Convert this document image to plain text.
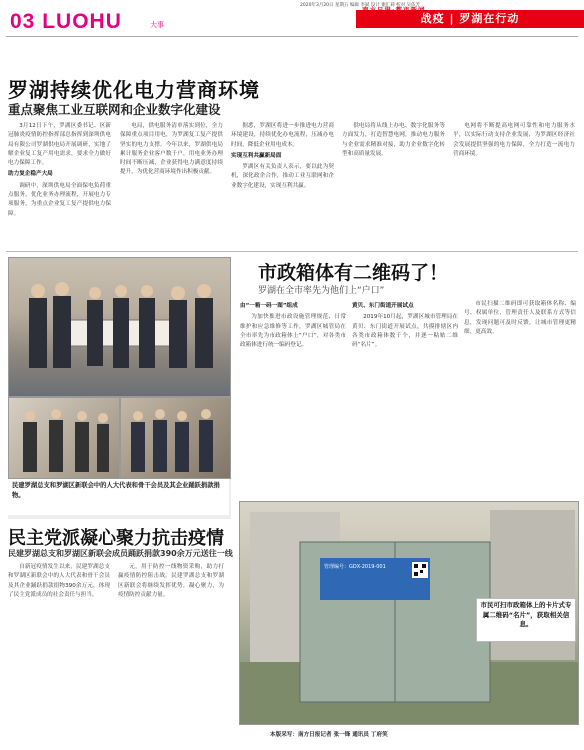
2020年3月20日 星期五 编辑 李斌 设计 谢汇莉 校对 吴依芳
03 LUOHU	大事
南方日报·都市新闻
战疫 | 罗湖在行动
罗湖持续优化电力营商环境
重点聚焦工业互联网和企业数字化建设

3月12日下午，罗湖区委书记、区新冠肺炎疫情防控指挥部总指挥到深圳供电局有限公司罗湖供电局开展调研，实地了解企业复工复产用电需求，要求全力做好电力保障工作。

助力复企稳产大局

调研中，深圳供电局全面保电负荷重点服务，优化业务办理流程，开展电力专项服务，为重点企业复工复产提供电力保障。

电局，供电服务清单落实到位，全力保障重点项目用电，为罗湖复工复产提供坚实的电力支撑。今年以来，罗湖供电局累计服务企业客户数千户，用电业务办理时间不断压减，企业获得电力满意度持续提升，为优化营商环境作出积极贡献。

据悉，罗湖区将进一步推进电力营商环境建设，持续优化办电流程，压减办电时间，降低企业用电成本。

实现互利共赢新局面

罗湖区有关负责人表示，要以此为契机，深化政企合作，推动工业互联网和企业数字化建设，实现互利共赢。

供电局将从线上办电、数字化服务等方面发力，打造智慧电网，推动电力服务与企业需求精准对接，助力企业数字化转型和高质量发展。

电网将不断提高电网可靠性和电力服务水平，以实际行动支持企业发展，为罗湖区经济社会发展提供坚强的电力保障，全力打造一流电力营商环境。

民建罗湖总支和罗湖区新联会中的人大代表和骨干会员及其企业踊跃捐款捐物。
民主党派凝心聚力抗击疫情
民建罗湖总支和罗湖区新联会成员踊跃捐款390余万元送往一线

自新冠疫情发生以来，民建罗湖总支和罗湖区新联会中的人大代表和骨干会员及其企业踊跃捐款捐物390余万元，体现了民主党派成员的社会责任与担当。

元，用于防控一线物资采购，助力打赢疫情防控阻击战。民建罗湖总支和罗湖区新联会将继续发挥优势，凝心聚力，为疫情防控贡献力量。

市政箱体有二维码了！
罗湖在全市率先为他们上“户口”

由“一箱一码一图”组成

为加快推进市政设施管理规范、日常维护和应急维修等工作，罗湖区城管局在全市率先为市政箱体上“户口”，对各类市政箱体进行统一编码登记。

黄贝、东门街道开展试点

2019年10月起，罗湖区城市管理局在黄贝、东门街道开展试点，共摸排辖区内各类市政箱体数千个，并逐一粘贴二维码“名片”。

市民扫描二维码即可获取箱体名称、编号、权属单位、管理责任人及联系方式等信息，发现问题可及时反馈，让城市管理更精细、更高效。

管理编号：GDX-2019-001
市民可扫市政箱体上的卡片式专属二维码“名片”，获取相关信息。
本版采写：南方日报记者 张一锋 通讯员 丁府笑
